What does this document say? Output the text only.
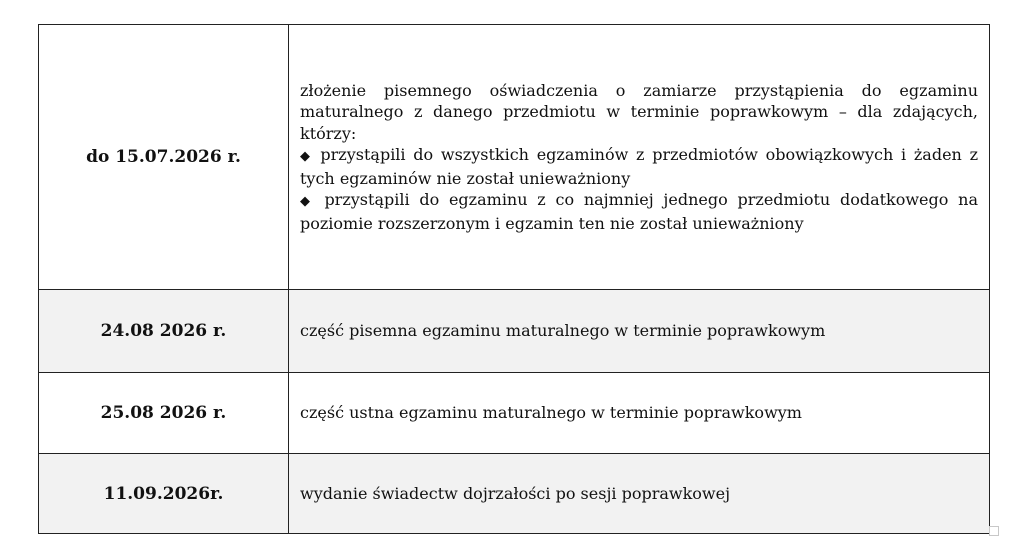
do 15.07.2026 r.	złożenie pisemnego oświadczenia o zamiarze przystąpienia do egzaminu maturalnego z danego przedmiotu w terminie poprawkowym – dla zdających, którzy:
◆ przystąpili do wszystkich egzaminów z przedmiotów obowiązkowych i żaden z tych egzaminów nie został unieważniony
◆ przystąpili do egzaminu z co najmniej jednego przedmiotu dodatkowego na poziomie rozszerzonym i egzamin ten nie został unieważniony

24.08 2026 r.	część pisemna egzaminu maturalnego w terminie poprawkowym
25.08 2026 r.	część ustna egzaminu maturalnego w terminie poprawkowym
11.09.2026r.	wydanie świadectw dojrzałości po sesji poprawkowej
